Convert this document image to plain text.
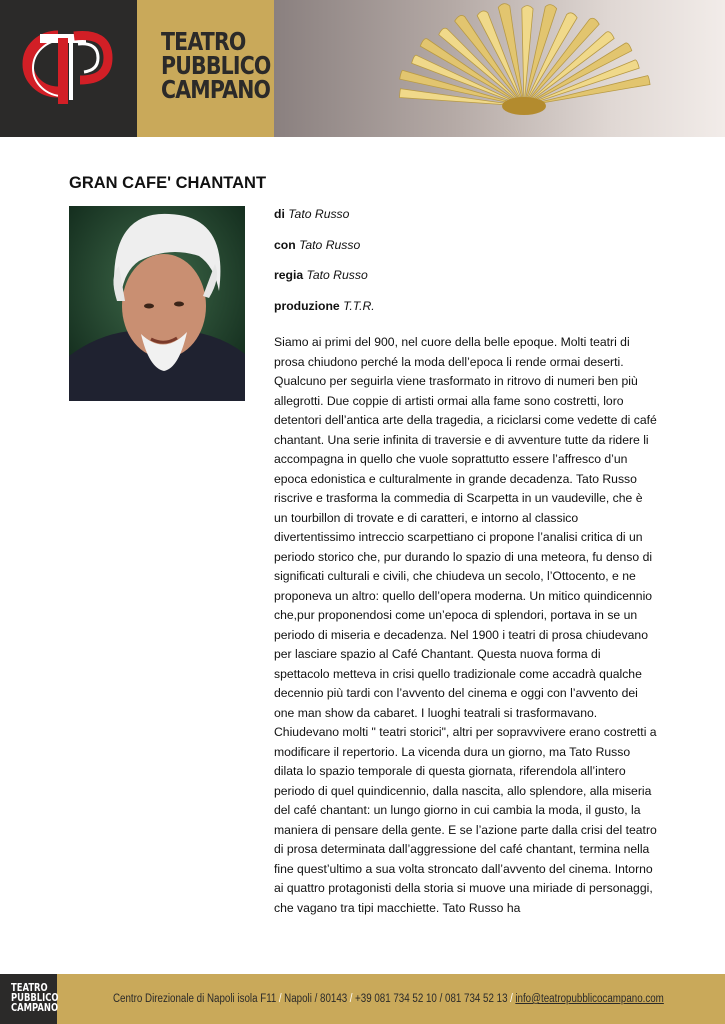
TEATRO
PUBBLICO
CAMPANO
GRAN CAFE' CHANTANT
di Tato Russo
con Tato Russo
regia Tato Russo
produzione T.T.R.

Siamo ai primi del 900, nel cuore della belle epoque. Molti teatri di prosa chiudono perché la moda dell’epoca li rende ormai deserti. Qualcuno per seguirla viene trasformato in ritrovo di numeri ben più allegrotti. Due coppie di artisti ormai alla fame sono costretti, loro detentori dell’antica arte della tragedia, a riciclarsi come vedette di café chantant. Una serie infinita di traversie e di avventure tutte da ridere li accompagna in quello che vuole soprattutto essere l’affresco d’un epoca edonistica e culturalmente in grande decadenza. Tato Russo riscrive e trasforma la commedia di Scarpetta in un vaudeville, che è un tourbillon di trovate e di caratteri, e intorno al classico divertentissimo intreccio scarpettiano ci propone l’analisi critica di un periodo storico che, pur durando lo spazio di una meteora, fu denso di significati culturali e civili, che chiudeva un secolo, l’Ottocento, e ne proponeva un altro: quello dell’opera moderna. Un mitico quindicennio che,pur proponendosi come un’epoca di splendori, portava in se un periodo di miseria e decadenza. Nel 1900 i teatri di prosa chiudevano per lasciare spazio al Café Chantant. Questa nuova forma di spettacolo metteva in crisi quello tradizionale come accadrà qualche decennio più tardi con l’avvento del cinema e oggi con l’avvento dei one man show da cabaret. I luoghi teatrali si trasformavano. Chiudevano molti " teatri storici", altri per sopravvivere erano costretti a modificare il repertorio. La vicenda dura un giorno, ma Tato Russo dilata lo spazio temporale di questa giornata, riferendola all’intero periodo di quel quindicennio, dalla nascita, allo splendore, alla miseria del café chantant: un lungo giorno in cui cambia la moda, il gusto, la maniera di pensare della gente. E se l’azione parte dalla crisi del teatro di prosa determinata dall’aggressione del café chantant, termina nella fine quest’ultimo a sua volta stroncato dall’avvento del cinema. Intorno ai quattro protagonisti della storia si muove una miriade di personaggi, che vagano tra tipi macchiette. Tato Russo ha

TEATRO
PUBBLICO
CAMPANO
Centro Direzionale di Napoli isola F11 / Napoli / 80143 / +39 081 734 52 10 / 081 734 52 13 / info@teatropubblicocampano.com
